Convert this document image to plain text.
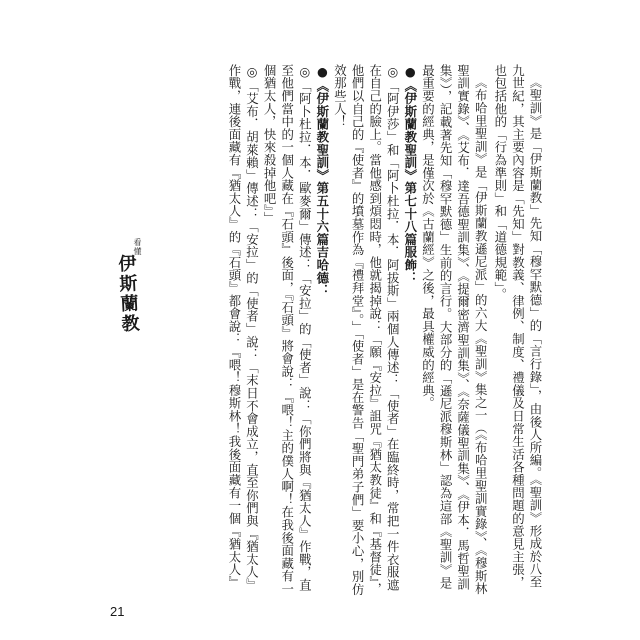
《聖訓》是「伊斯蘭教」先知「穆罕默德」的「言行錄」，由後人所編。《聖訓》形成於八至九世紀，其主要內容是「先知」對教義、律例、制度、禮儀及日常生活各種問題的意見主張，也包括他的「行為準則」和「道德規範」。

《布哈里聖訓》是「伊斯蘭教遜尼派」的六大《聖訓》集之一（《布哈里聖訓實錄》、《穆斯林聖訓實錄》、《艾布．達吾德聖訓集》、《提爾密濟聖訓集》、《奈薩儀聖訓集》、《伊本．馬哲聖訓集》），記載著先知「穆罕默德」生前的言行。大部分的「遜尼派穆斯林」認為這部《聖訓》是最重要的經典，是僅次於《古蘭經》之後，最具權威的經典。

●《伊斯蘭教聖訓》第七十八篇服飾：

◎「阿伊莎」和「阿卜杜拉．本．阿拔斯」兩個人傳述：「使者」在臨終時，常把一件衣服遮在自己的臉上。當他感到煩悶時，他就揭掉說：「願『安拉』詛咒『猶太教徒』和『基督徒』，他們以自己的『使者』的墳墓作為『禮拜堂』。」「使者」是在警告「聖門弟子們」要小心，別仿效那些人！

●《伊斯蘭教聖訓》第五十六篇吉哈德：

◎「阿卜杜拉．本．歐麥爾」傳述：「安拉」的「使者」說：「你們將與『猶太人』作戰，直至他們當中的一個人藏在『石頭』後面，『石頭』將會說：『喂！主的僕人啊！在我後面藏有一個猶太人，快來殺掉他吧』」

◎「艾布．胡萊賴」傳述：「安拉」的「使者」說：「末日不會成立，直至你們與『猶太人』作戰，連後面藏有『猶太人』的『石頭』都會說：『喂！穆斯林！我後面藏有一個『猶太人』

看懂
伊斯蘭教
21
